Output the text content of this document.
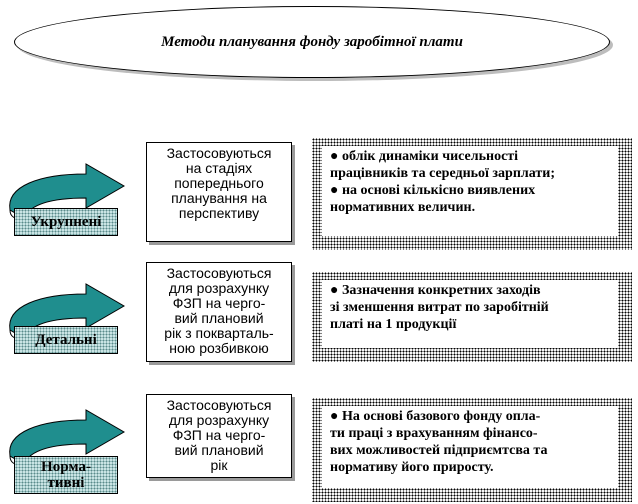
Методи планування фонду заробітної плати
Укрупнені
Застосовуються
на стадіях
попереднього
планування на
перспективу
● облік динаміки чисельності
працівників та середньої зарплати;
● на основі кількісно виявлених
нормативних величин.
Детальні
Застосовуються
для розрахунку
ФЗП на черго-
вий плановий
рік з покварталь-
ною розбивкою
● Зазначення конкретних заходів
зі зменшення витрат по заробітній
платі на 1 продукції
Норма-
тивні
Застосовуються
для розрахунку
ФЗП на черго-
вий плановий
рік
● На основі базового фонду опла-
ти праці з врахуванням фінансо-
вих можливостей підприємтсва та
нормативу його приросту.
